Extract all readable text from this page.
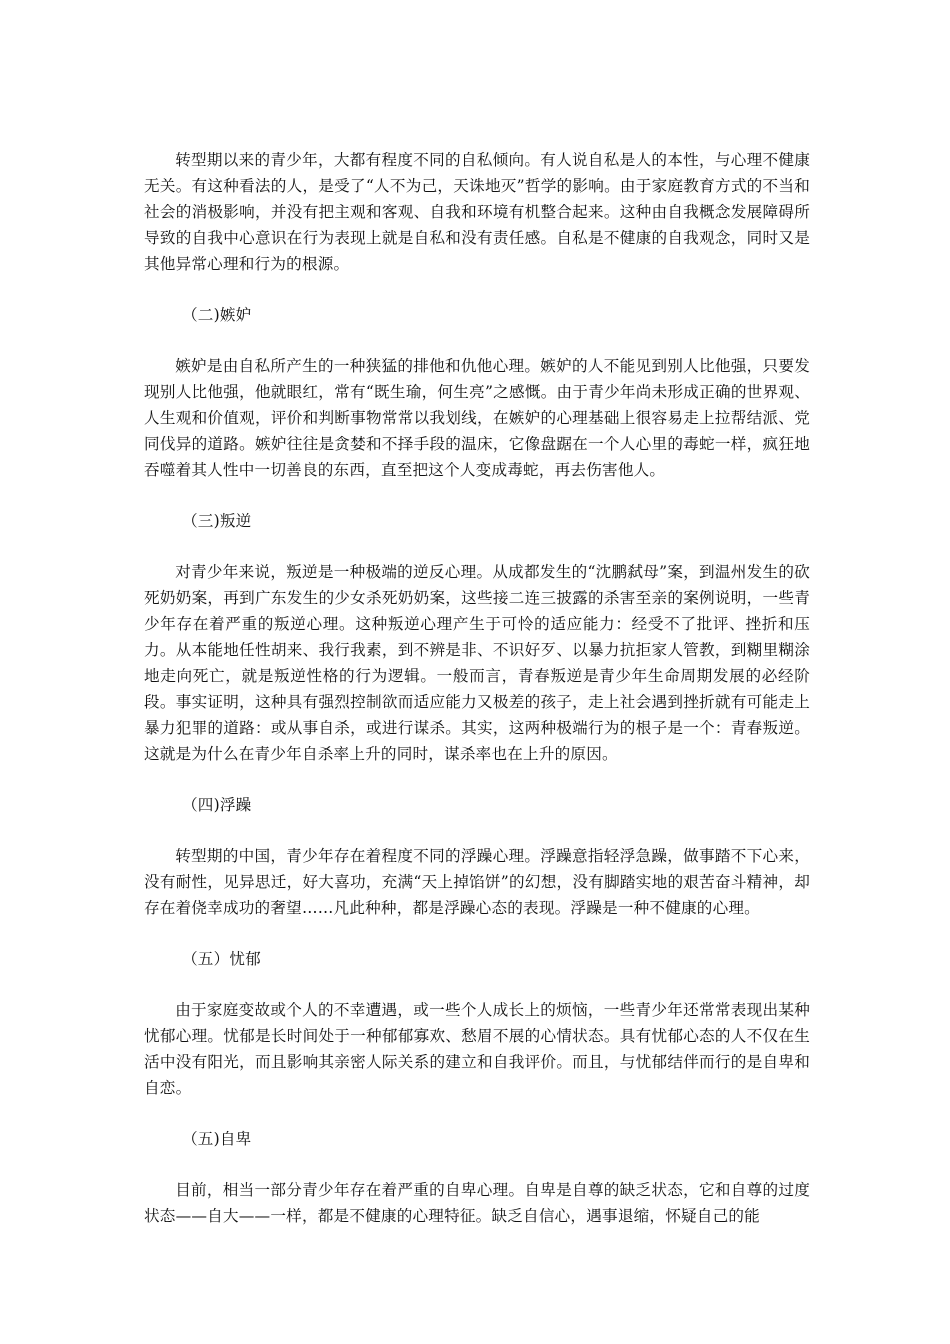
转型期以来的青少年，大都有程度不同的自私倾向。有人说自私是人的本性，与心理不健康无关。有这种看法的人，是受了“人不为己，天诛地灭”哲学的影响。由于家庭教育方式的不当和社会的消极影响，并没有把主观和客观、自我和环境有机整合起来。这种由自我概念发展障碍所导致的自我中心意识在行为表现上就是自私和没有责任感。自私是不健康的自我观念，同时又是其他异常心理和行为的根源。

（二)嫉妒

嫉妒是由自私所产生的一种狭猛的排他和仇他心理。嫉妒的人不能见到别人比他强，只要发现别人比他强，他就眼红，常有“既生瑜，何生亮”之感慨。由于青少年尚未形成正确的世界观、人生观和价值观，评价和判断事物常常以我划线，在嫉妒的心理基础上很容易走上拉帮结派、党同伐异的道路。嫉妒往往是贪婪和不择手段的温床，它像盘踞在一个人心里的毒蛇一样，疯狂地吞噬着其人性中一切善良的东西，直至把这个人变成毒蛇，再去伤害他人。

（三)叛逆

对青少年来说，叛逆是一种极端的逆反心理。从成都发生的“沈鹏弑母”案，到温州发生的砍死奶奶案，再到广东发生的少女杀死奶奶案，这些接二连三披露的杀害至亲的案例说明，一些青少年存在着严重的叛逆心理。这种叛逆心理产生于可怜的适应能力：经受不了批评、挫折和压力。从本能地任性胡来、我行我素，到不辨是非、不识好歹、以暴力抗拒家人管教，到糊里糊涂地走向死亡，就是叛逆性格的行为逻辑。一般而言，青春叛逆是青少年生命周期发展的必经阶段。事实证明，这种具有强烈控制欲而适应能力又极差的孩子，走上社会遇到挫折就有可能走上暴力犯罪的道路：或从事自杀，或进行谋杀。其实，这两种极端行为的根子是一个：青春叛逆。这就是为什么在青少年自杀率上升的同时，谋杀率也在上升的原因。

（四)浮躁

转型期的中国，青少年存在着程度不同的浮躁心理。浮躁意指轻浮急躁，做事踏不下心来，没有耐性，见异思迁，好大喜功，充满“天上掉馅饼”的幻想，没有脚踏实地的艰苦奋斗精神，却存在着侥幸成功的奢望……凡此种种，都是浮躁心态的表现。浮躁是一种不健康的心理。

（五）忧郁

由于家庭变故或个人的不幸遭遇，或一些个人成长上的烦恼，一些青少年还常常表现出某种忧郁心理。忧郁是长时间处于一种郁郁寡欢、愁眉不展的心情状态。具有忧郁心态的人不仅在生活中没有阳光，而且影响其亲密人际关系的建立和自我评价。而且，与忧郁结伴而行的是自卑和自恋。

（五)自卑

目前，相当一部分青少年存在着严重的自卑心理。自卑是自尊的缺乏状态，它和自尊的过度状态——自大——一样，都是不健康的心理特征。缺乏自信心，遇事退缩，怀疑自己的能
